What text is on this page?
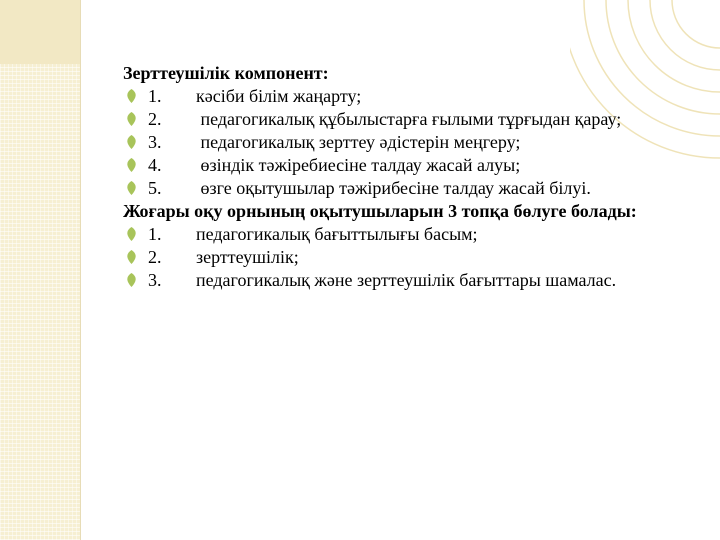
Зерттеушілік компонент:

1. кәсіби білім жаңарту;

2. педагогикалық құбылыстарға ғылыми тұрғыдан қарау;

3. педагогикалық зерттеу әдістерін меңгеру;

4. өзіндік тәжіребиесіне талдау жасай алуы;

5. өзге оқытушылар тәжірибесіне талдау жасай білуі.

Жоғары оқу орнының оқытушыларын 3 топқа бөлуге болады:

1. педагогикалық бағыттылығы басым;

2. зерттеушілік;

3. педагогикалық және зерттеушілік бағыттары шамалас.
